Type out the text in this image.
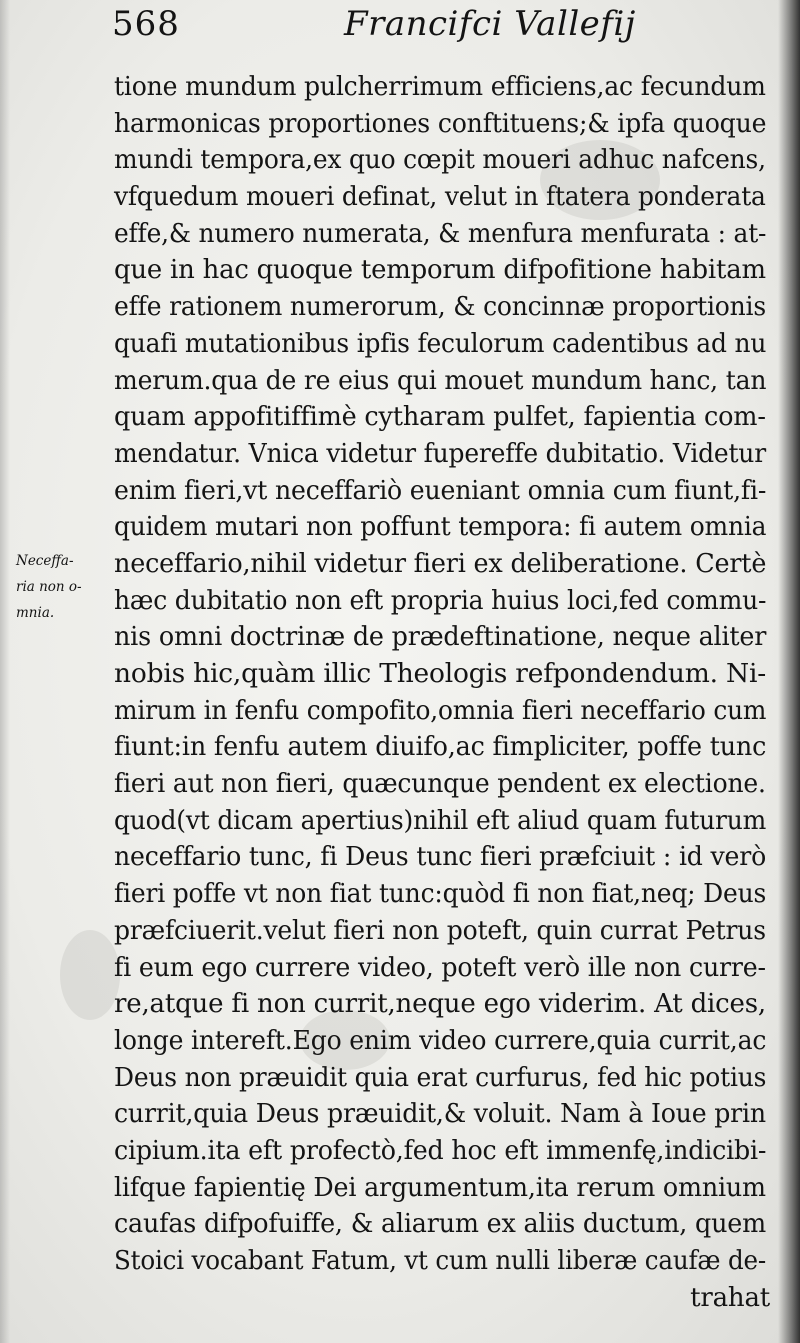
568	Francifci Vallefij
Neceffa-
ria non o-
mnia.
tione mundum pulcherrimum efficiens,ac fecundum
harmonicas proportiones conftituens;& ipfa quoque
mundi tempora,ex quo cœpit moueri adhuc nafcens,
vfquedum moueri definat, velut in ftatera ponderata
effe,& numero numerata, & menfura menfurata : at-
que in hac quoque temporum difpofitione habitam
effe rationem numerorum, & concinnæ proportionis
quafi mutationibus ipfis feculorum cadentibus ad nu
merum.qua de re eius qui mouet mundum hanc, tan
quam appofitiffimè cytharam pulfet, fapientia com-
mendatur. Vnica videtur fupereffe dubitatio. Videtur
enim fieri,vt neceffariò eueniant omnia cum fiunt,fi-
quidem mutari non poffunt tempora: fi autem omnia
neceffario,nihil videtur fieri ex deliberatione. Certè
hæc dubitatio non eft propria huius loci,fed commu-
nis omni doctrinæ de prædeftinatione, neque aliter
nobis hic,quàm illic Theologis refpondendum. Ni-
mirum in fenfu compofito,omnia fieri neceffario cum
fiunt:in fenfu autem diuifo,ac fimpliciter, poffe tunc
fieri aut non fieri, quæcunque pendent ex electione.
quod(vt dicam apertius)nihil eft aliud quam futurum
neceffario tunc, fi Deus tunc fieri præfciuit : id verò
fieri poffe vt non fiat tunc:quòd fi non fiat,neq; Deus
præfciuerit.velut fieri non poteft, quin currat Petrus
fi eum ego currere video, poteft verò ille non curre-
re,atque fi non currit,neque ego viderim. At dices,
longe intereft.Ego enim video currere,quia currit,ac
Deus non præuidit quia erat curfurus, fed hic potius
currit,quia Deus præuidit,& voluit. Nam à Ioue prin
cipium.ita eft profectò,fed hoc eft immenfę,indicibi-
lifque fapientię Dei argumentum,ita rerum omnium
caufas difpofuiffe, & aliarum ex aliis ductum, quem
Stoici vocabant Fatum, vt cum nulli liberæ caufæ de-
trahat
